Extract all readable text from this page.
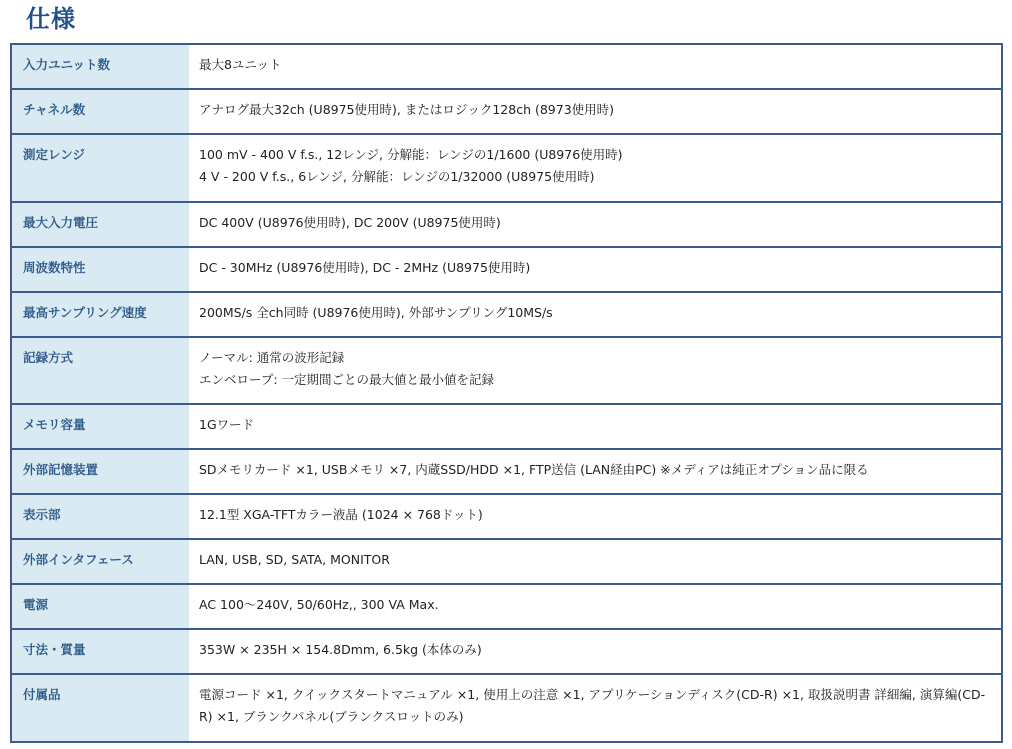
仕様
入力ユニット数	最大8ユニット

チャネル数	アナログ最大32ch (U8975使用時), またはロジック128ch (8973使用時)

測定レンジ	100 mV - 400 V f.s., 12レンジ, 分解能：レンジの1/1600 (U8976使用時)
4 V - 200 V f.s., 6レンジ, 分解能：レンジの1/32000 (U8975使用時)

最大入力電圧	DC 400V (U8976使用時), DC 200V (U8975使用時)

周波数特性	DC - 30MHz (U8976使用時), DC - 2MHz (U8975使用時)

最高サンプリング速度	200MS/s 全ch同時 (U8976使用時), 外部サンプリング10MS/s

記録方式	ノーマル: 通常の波形記録
エンベロープ: 一定期間ごとの最大値と最小値を記録

メモリ容量	1Gワード

外部記憶装置	SDメモリカード ×1, USBメモリ ×7, 内蔵SSD/HDD ×1, FTP送信 (LAN経由PC) ※メディアは純正オプション品に限る

表示部	12.1型 XGA-TFTカラー液晶 (1024 × 768ドット)

外部インタフェース	LAN, USB, SD, SATA, MONITOR

電源	AC 100～240V, 50/60Hz,, 300 VA Max.

寸法・質量	353W × 235H × 154.8Dmm, 6.5kg (本体のみ)

付属品	電源コード ×1, クイックスタートマニュアル ×1, 使用上の注意 ×1, アプリケーションディスク(CD-R) ×1, 取扱説明書 詳細編, 演算編(CD-R) ×1, ブランクパネル(ブランクスロットのみ)
